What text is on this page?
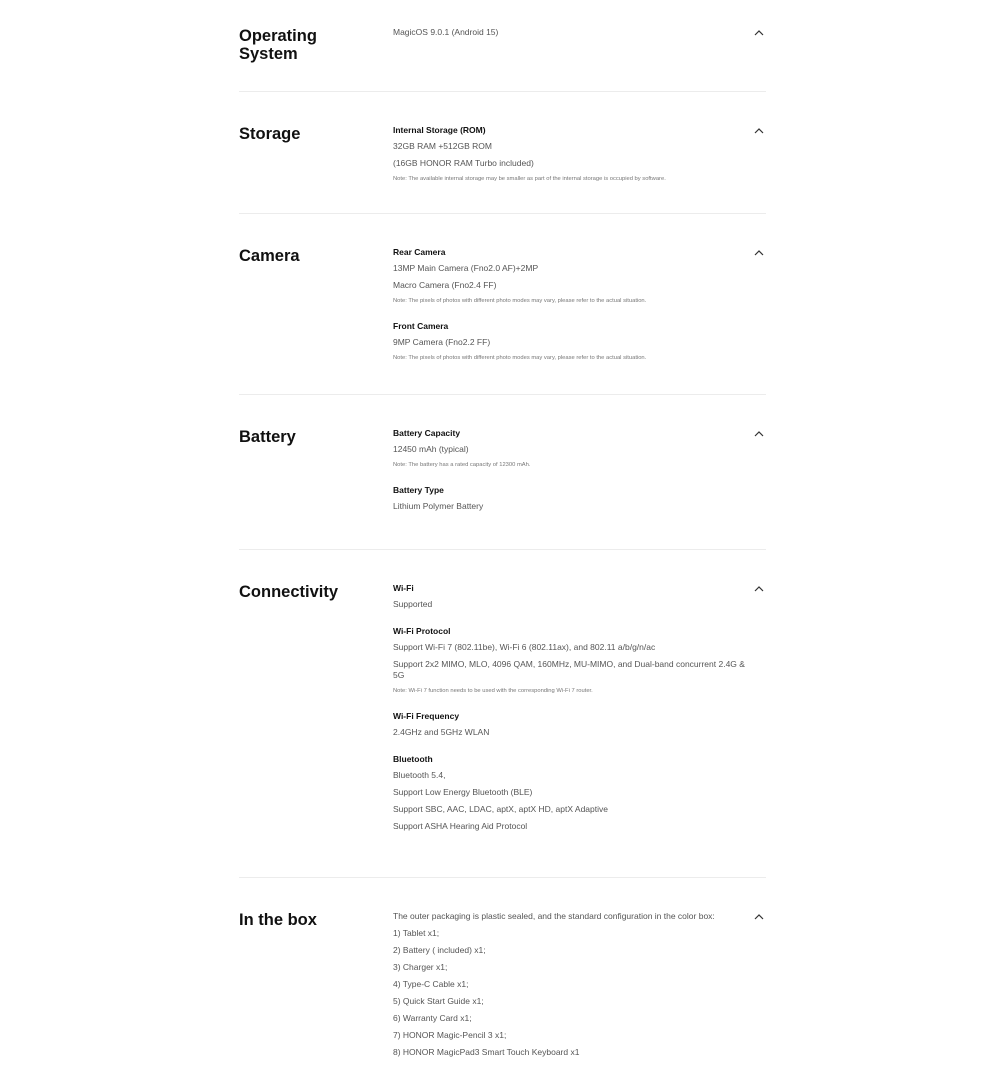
Operating System
MagicOS 9.0.1 (Android 15)
Storage	Internal Storage (ROM)
32GB RAM +512GB ROM
(16GB HONOR RAM Turbo included)
Note: The available internal storage may be smaller as part of the internal storage is occupied by software.
Camera	Rear Camera
13MP Main Camera (Fno2.0 AF)+2MP
Macro Camera (Fno2.4 FF)
Note: The pixels of photos with different photo modes may vary, please refer to the actual situation.
Front Camera
9MP Camera (Fno2.2 FF)
Note: The pixels of photos with different photo modes may vary, please refer to the actual situation.
Battery	Battery Capacity
12450 mAh (typical)
Note: The battery has a rated capacity of 12300 mAh.
Battery Type
Lithium Polymer Battery
Connectivity	Wi-Fi
Supported
Wi-Fi Protocol
Support Wi-Fi 7 (802.11be), Wi-Fi 6 (802.11ax), and 802.11 a/b/g/n/ac
Support 2x2 MIMO, MLO, 4096 QAM, 160MHz, MU-MIMO, and Dual-band concurrent 2.4G & 5G
Note: Wi-Fi 7 function needs to be used with the corresponding Wi-Fi 7 router.
Wi-Fi Frequency
2.4GHz and 5GHz WLAN
Bluetooth
Bluetooth 5.4,
Support Low Energy Bluetooth (BLE)
Support SBC, AAC, LDAC, aptX, aptX HD, aptX Adaptive
Support ASHA Hearing Aid Protocol
In the box	The outer packaging is plastic sealed, and the standard configuration in the color box:
1) Tablet x1;
2) Battery ( included) x1;
3) Charger x1;
4) Type-C Cable x1;
5) Quick Start Guide x1;
6) Warranty Card x1;
7) HONOR Magic-Pencil 3 x1;
8) HONOR MagicPad3 Smart Touch Keyboard x1
